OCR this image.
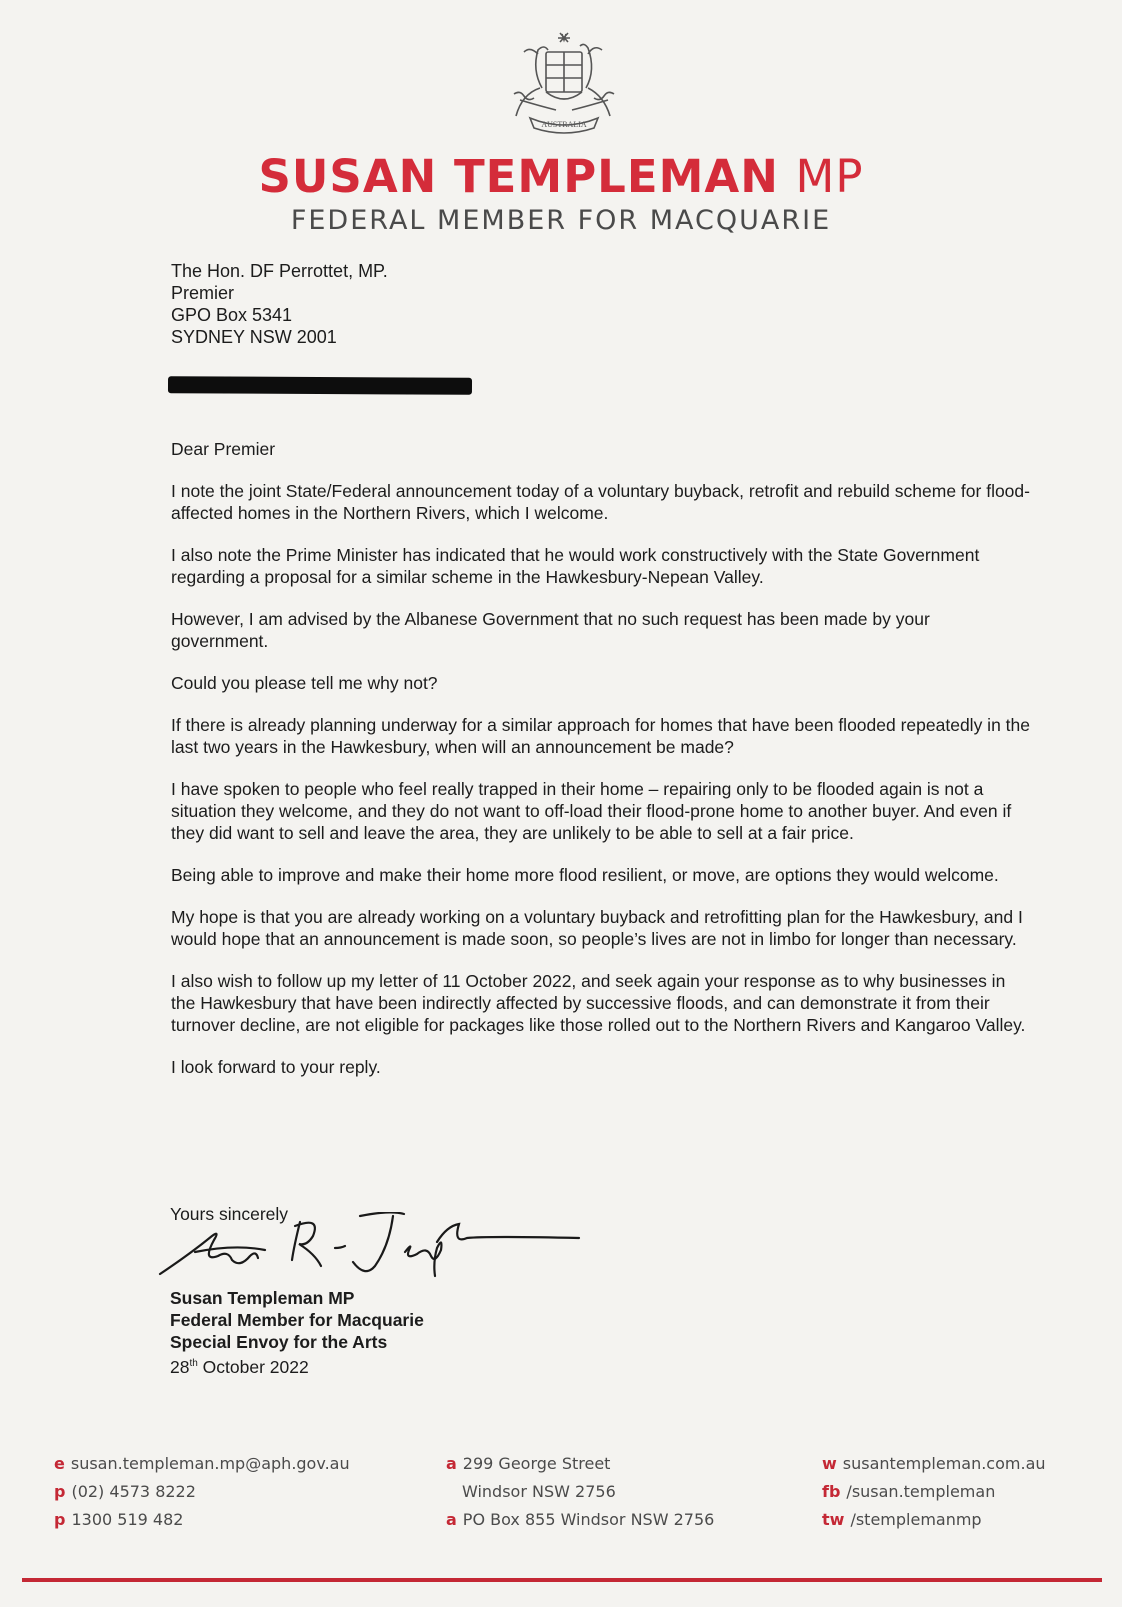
AUSTRALIA
SUSAN TEMPLEMAN MP
FEDERAL MEMBER FOR MACQUARIE
The Hon. DF Perrottet, MP.
Premier
GPO Box 5341
SYDNEY NSW 2001

Dear Premier

I note the joint State/Federal announcement today of a voluntary buyback, retrofit and rebuild scheme for flood-affected homes in the Northern Rivers, which I welcome.

I also note the Prime Minister has indicated that he would work constructively with the State Government regarding a proposal for a similar scheme in the Hawkesbury-Nepean Valley.

However, I am advised by the Albanese Government that no such request has been made by your government.

Could you please tell me why not?

If there is already planning underway for a similar approach for homes that have been flooded repeatedly in the last two years in the Hawkesbury, when will an announcement be made?

I have spoken to people who feel really trapped in their home – repairing only to be flooded again is not a situation they welcome, and they do not want to off-load their flood-prone home to another buyer. And even if they did want to sell and leave the area, they are unlikely to be able to sell at a fair price.

Being able to improve and make their home more flood resilient, or move, are options they would welcome.

My hope is that you are already working on a voluntary buyback and retrofitting plan for the Hawkesbury, and I would hope that an announcement is made soon, so people’s lives are not in limbo for longer than necessary.

I also wish to follow up my letter of 11 October 2022, and seek again your response as to why businesses in the Hawkesbury that have been indirectly affected by successive floods, and can demonstrate it from their turnover decline, are not eligible for packages like those rolled out to the Northern Rivers and Kangaroo Valley.

I look forward to your reply.

Yours sincerely
Susan Templeman MP
Federal Member for Macquarie
Special Envoy for the Arts
28th October 2022
e susan.templeman.mp@aph.gov.au
p (02) 4573 8222
p 1300 519 482
a 299 George Street
Windsor NSW 2756
a PO Box 855 Windsor NSW 2756
w susantempleman.com.au
fb /susan.templeman
tw /stemplemanmp
